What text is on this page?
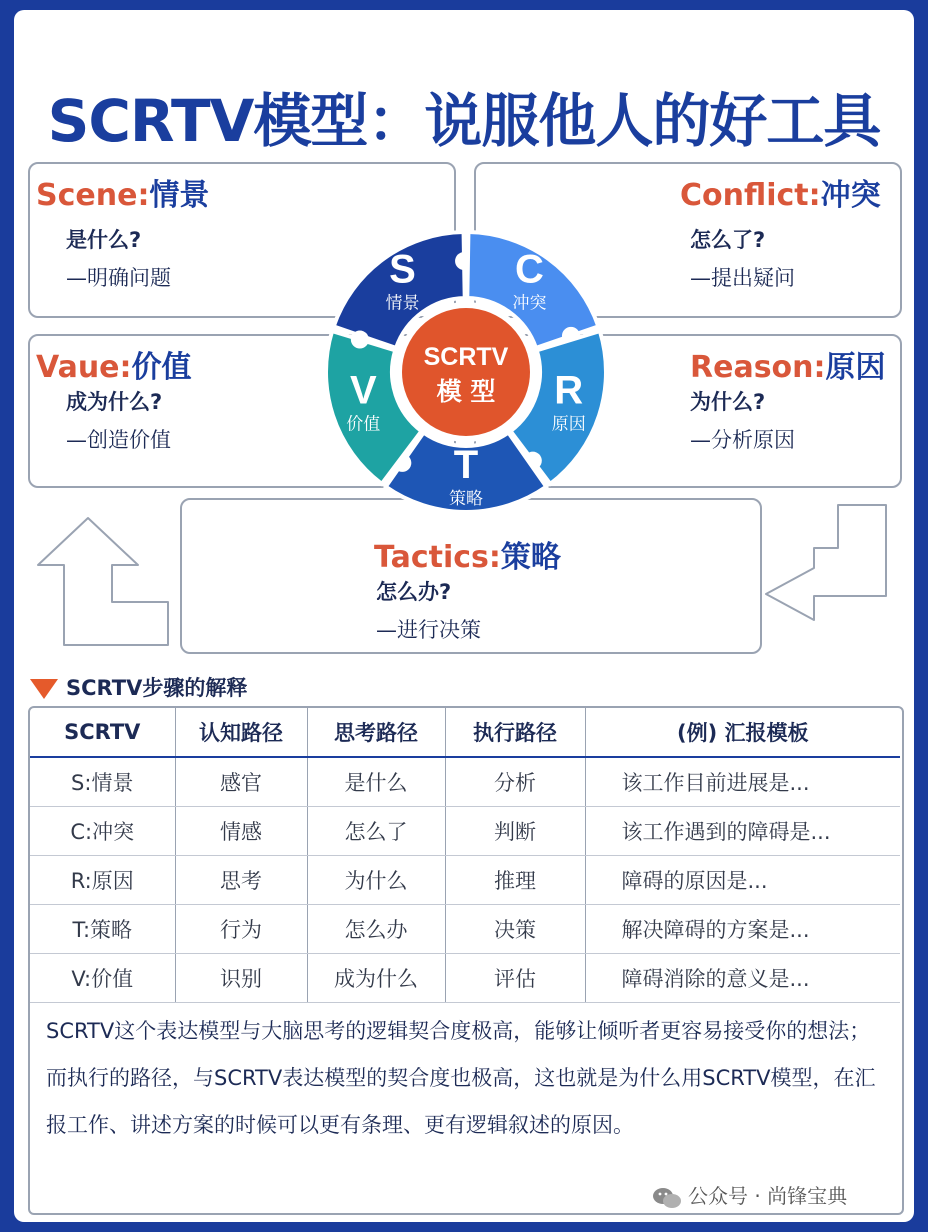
SCRTV模型：说服他人的好工具
Scene:情景
是什么?
—明确问题
Conflict:冲突
怎么了?
—提出疑问
Vaue:价值
成为什么?
—创造价值
Reason:原因
为什么?
—分析原因
Tactics:策略
怎么办?
—进行决策
S
情景
C
冲突
R
原因
T
策略
V
价值
SCRTV
模 型
SCRTV步骤的解释
SCRTV	认知路径	思考路径	执行路径	(例) 汇报模板
S:情景	感官	是什么	分析	该工作目前进展是...
C:冲突	情感	怎么了	判断	该工作遇到的障碍是...
R:原因	思考	为什么	推理	障碍的原因是...
T:策略	行为	怎么办	决策	解决障碍的方案是...
V:价值	识别	成为什么	评估	障碍消除的意义是...
SCRTV这个表达模型与大脑思考的逻辑契合度极高，能够让倾听者更容易接受你的想法；而执行的路径，与SCRTV表达模型的契合度也极高，这也就是为什么用SCRTV模型，在汇报工作、讲述方案的时候可以更有条理、更有逻辑叙述的原因。
公众号 · 尚锋宝典
